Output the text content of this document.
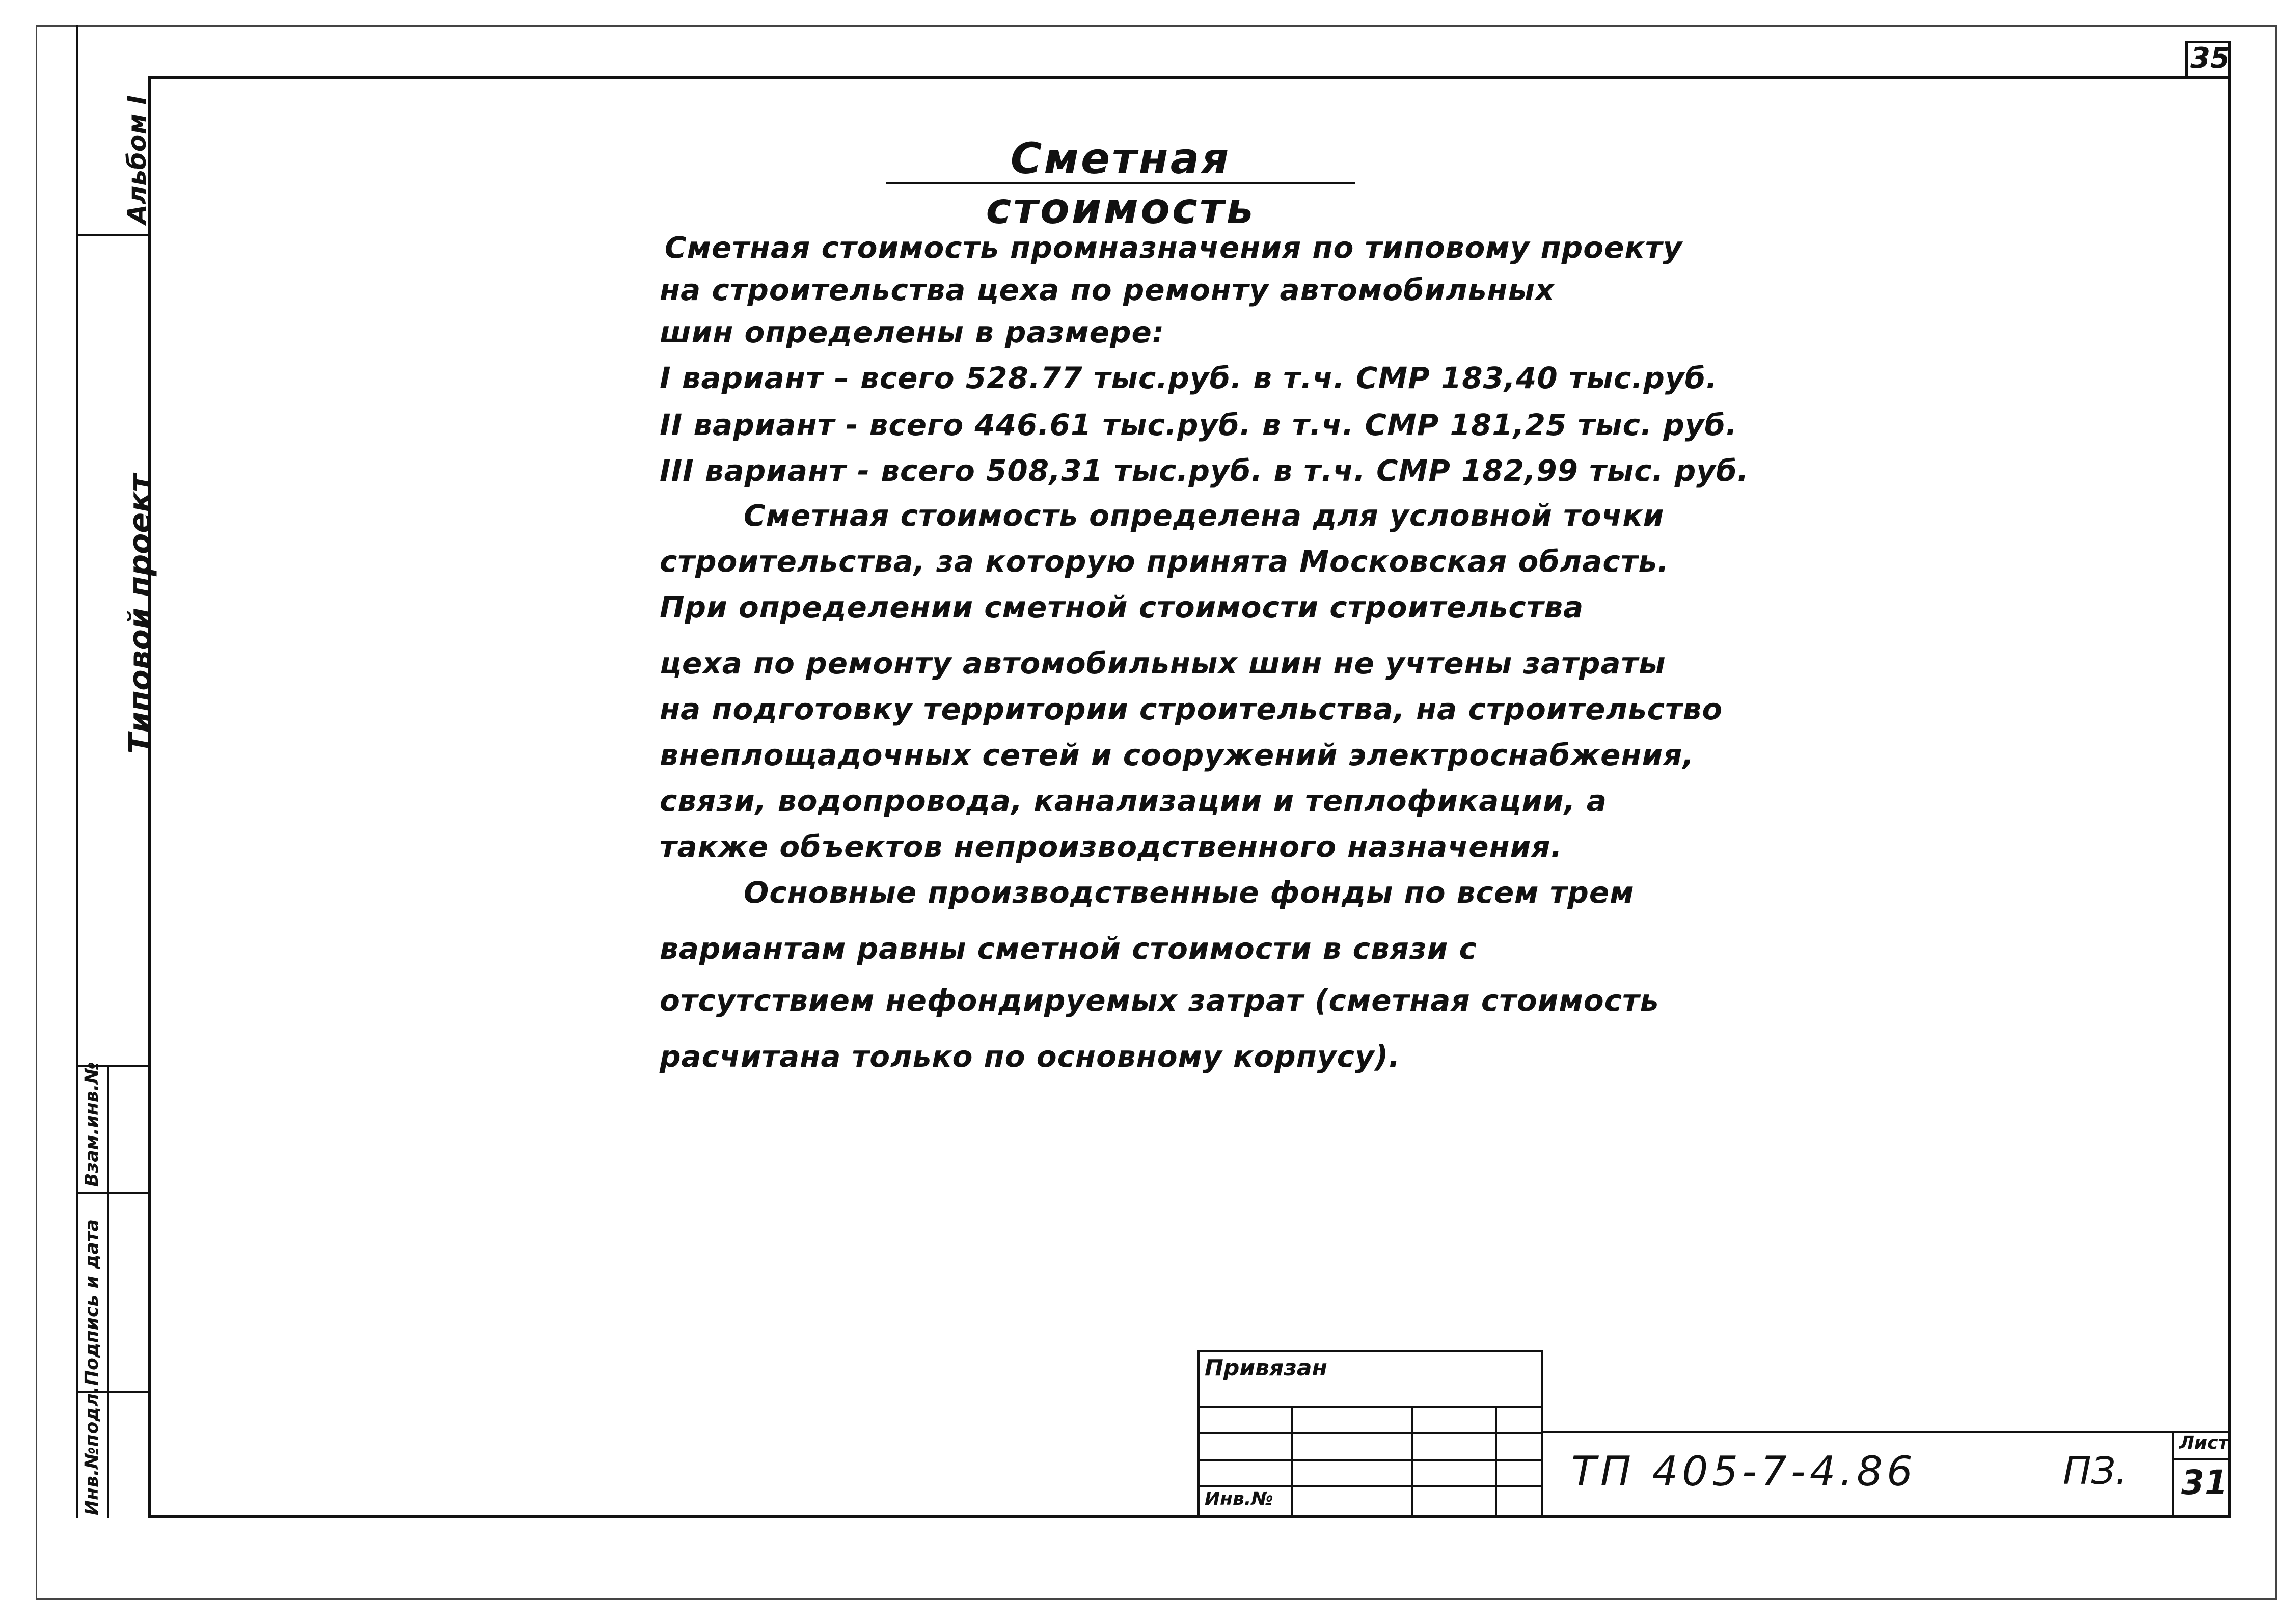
35
Альбом I
Типовой проект
Инв.№подл.
Подпись и дата
Взам.инв.№
Сметная стоимость
Сметная стоимость промназначения по типовому проекту
на строительства цеха по ремонту автомобильных
шин определены в размере:
I вариант – всего 528.77 тыс.руб. в т.ч. СМР 183,40 тыс.руб.
II вариант - всего 446.61 тыс.руб. в т.ч. СМР 181,25 тыс. руб.
III вариант - всего 508,31 тыс.руб. в т.ч. СМР 182,99 тыс. руб.
Сметная стоимость определена для условной точки
строительства, за которую принята Московская область.
При определении сметной стоимости строительства
цеха по ремонту автомобильных шин не учтены затраты
на подготовку территории строительства, на строительство
внеплощадочных сетей и сооружений электроснабжения,
связи, водопровода, канализации и теплофикации, а
также объектов непроизводственного назначения.
Основные производственные фонды по всем трем
вариантам равны сметной стоимости в связи с
отсутствием нефондируемых затрат (сметная стоимость
расчитана только по основному корпусу).
Привязан
Инв.№
ТП 405-7-4.86	ПЗ.
Лист
31
